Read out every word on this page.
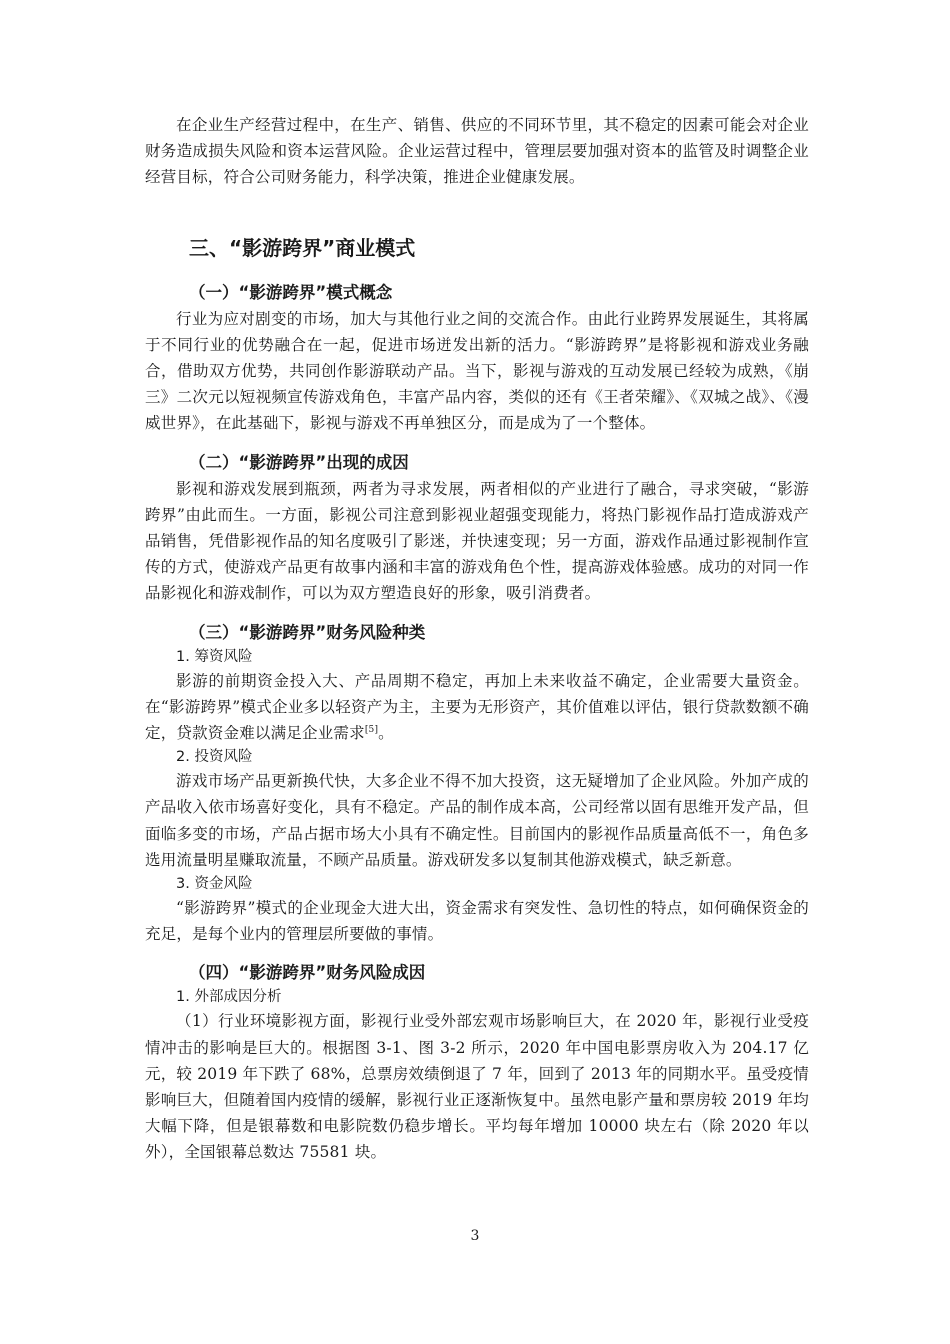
在企业生产经营过程中，在生产、销售、供应的不同环节里，其不稳定的因素可能会对企业财务造成损失风险和资本运营风险。企业运营过程中，管理层要加强对资本的监管及时调整企业经营目标，符合公司财务能力，科学决策，推进企业健康发展。

三、“影游跨界”商业模式
（一）“影游跨界”模式概念

行业为应对剧变的市场，加大与其他行业之间的交流合作。由此行业跨界发展诞生，其将属于不同行业的优势融合在一起，促进市场迸发出新的活力。“影游跨界”是将影视和游戏业务融合，借助双方优势，共同创作影游联动产品。当下，影视与游戏的互动发展已经较为成熟，《崩三》二次元以短视频宣传游戏角色，丰富产品内容，类似的还有《王者荣耀》、《双城之战》、《漫威世界》，在此基础下，影视与游戏不再单独区分，而是成为了一个整体。

（二）“影游跨界”出现的成因

影视和游戏发展到瓶颈，两者为寻求发展，两者相似的产业进行了融合，寻求突破，“影游跨界”由此而生。一方面，影视公司注意到影视业超强变现能力，将热门影视作品打造成游戏产品销售，凭借影视作品的知名度吸引了影迷，并快速变现；另一方面，游戏作品通过影视制作宣传的方式，使游戏产品更有故事内涵和丰富的游戏角色个性，提高游戏体验感。成功的对同一作品影视化和游戏制作，可以为双方塑造良好的形象，吸引消费者。

（三）“影游跨界”财务风险种类
1. 筹资风险

影游的前期资金投入大、产品周期不稳定，再加上未来收益不确定，企业需要大量资金。在“影游跨界”模式企业多以轻资产为主，主要为无形资产，其价值难以评估，银行贷款数额不确定，贷款资金难以满足企业需求[5]。

2. 投资风险

游戏市场产品更新换代快，大多企业不得不加大投资，这无疑增加了企业风险。外加产成的产品收入依市场喜好变化，具有不稳定。产品的制作成本高，公司经常以固有思维开发产品，但面临多变的市场，产品占据市场大小具有不确定性。目前国内的影视作品质量高低不一，角色多选用流量明星赚取流量，不顾产品质量。游戏研发多以复制其他游戏模式，缺乏新意。

3. 资金风险

“影游跨界”模式的企业现金大进大出，资金需求有突发性、急切性的特点，如何确保资金的充足，是每个业内的管理层所要做的事情。

（四）“影游跨界”财务风险成因
1. 外部成因分析

（1）行业环境影视方面，影视行业受外部宏观市场影响巨大，在 2020 年，影视行业受疫情冲击的影响是巨大的。根据图 3-1、图 3-2 所示，2020 年中国电影票房收入为 204.17 亿元，较 2019 年下跌了 68%，总票房效绩倒退了 7 年，回到了 2013 年的同期水平。虽受疫情影响巨大，但随着国内疫情的缓解，影视行业正逐渐恢复中。虽然电影产量和票房较 2019 年均大幅下降，但是银幕数和电影院数仍稳步增长。平均每年增加 10000 块左右（除 2020 年以外），全国银幕总数达 75581 块。

3
